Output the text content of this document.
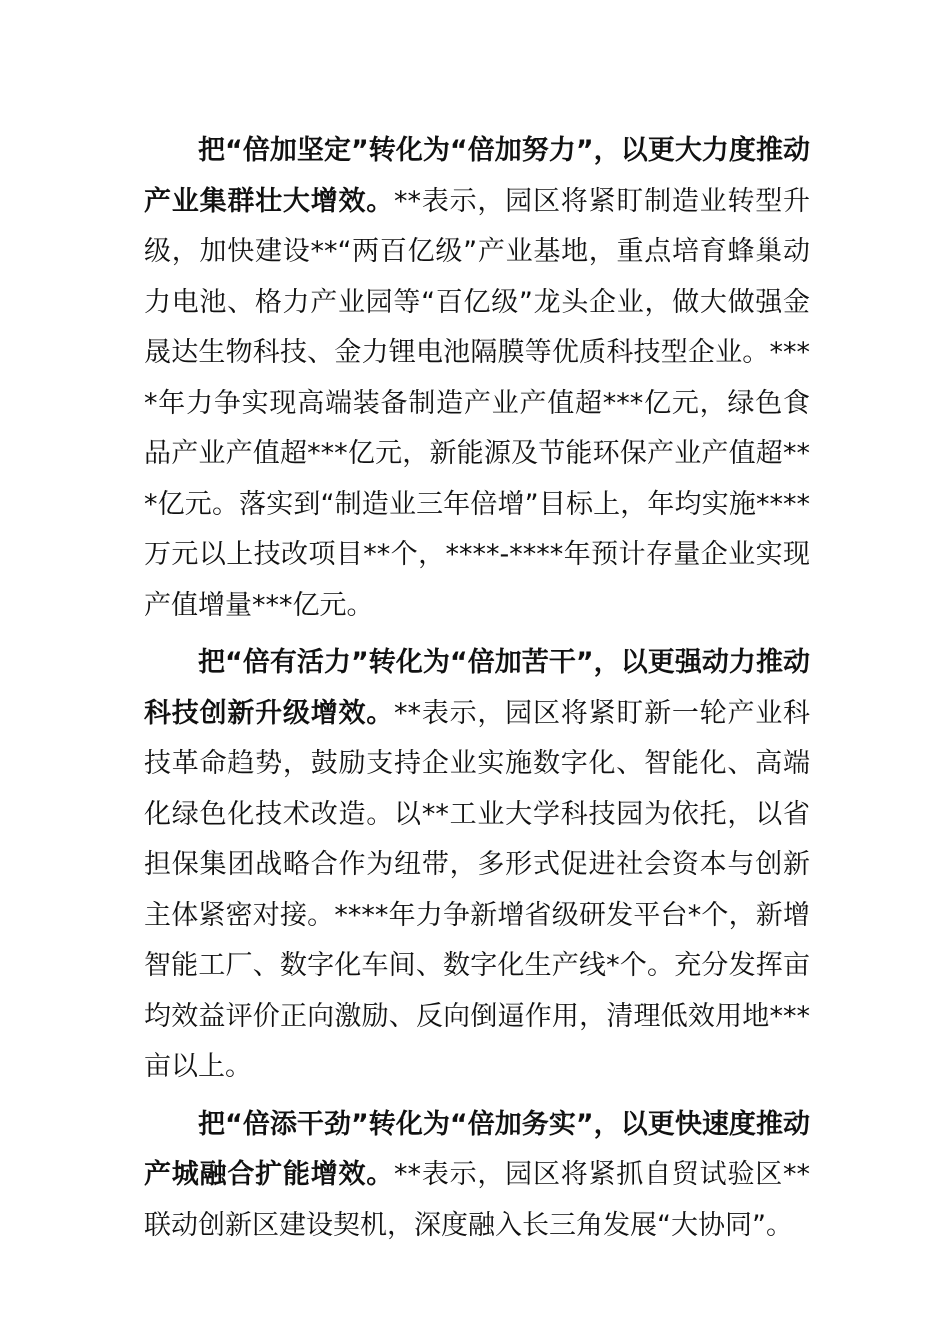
把“倍加坚定”转化为“倍加努力”，以更大力度推动产业集群壮大增效。**表示，园区将紧盯制造业转型升级，加快建设**“两百亿级”产业基地，重点培育蜂巢动力电池、格力产业园等“百亿级”龙头企业，做大做强金晟达生物科技、金力锂电池隔膜等优质科技型企业。****年力争实现高端装备制造产业产值超***亿元，绿色食品产业产值超***亿元，新能源及节能环保产业产值超***亿元。落实到“制造业三年倍增”目标上，年均实施****万元以上技改项目**个，****-****年预计存量企业实现产值增量***亿元。

把“倍有活力”转化为“倍加苦干”，以更强动力推动科技创新升级增效。**表示，园区将紧盯新一轮产业科技革命趋势，鼓励支持企业实施数字化、智能化、高端化绿色化技术改造。以**工业大学科技园为依托，以省担保集团战略合作为纽带，多形式促进社会资本与创新主体紧密对接。****年力争新增省级研发平台*个，新增智能工厂、数字化车间、数字化生产线*个。充分发挥亩均效益评价正向激励、反向倒逼作用，清理低效用地***亩以上。

把“倍添干劲”转化为“倍加务实”，以更快速度推动产城融合扩能增效。**表示，园区将紧抓自贸试验区**联动创新区建设契机，深度融入长三角发展“大协同”。
